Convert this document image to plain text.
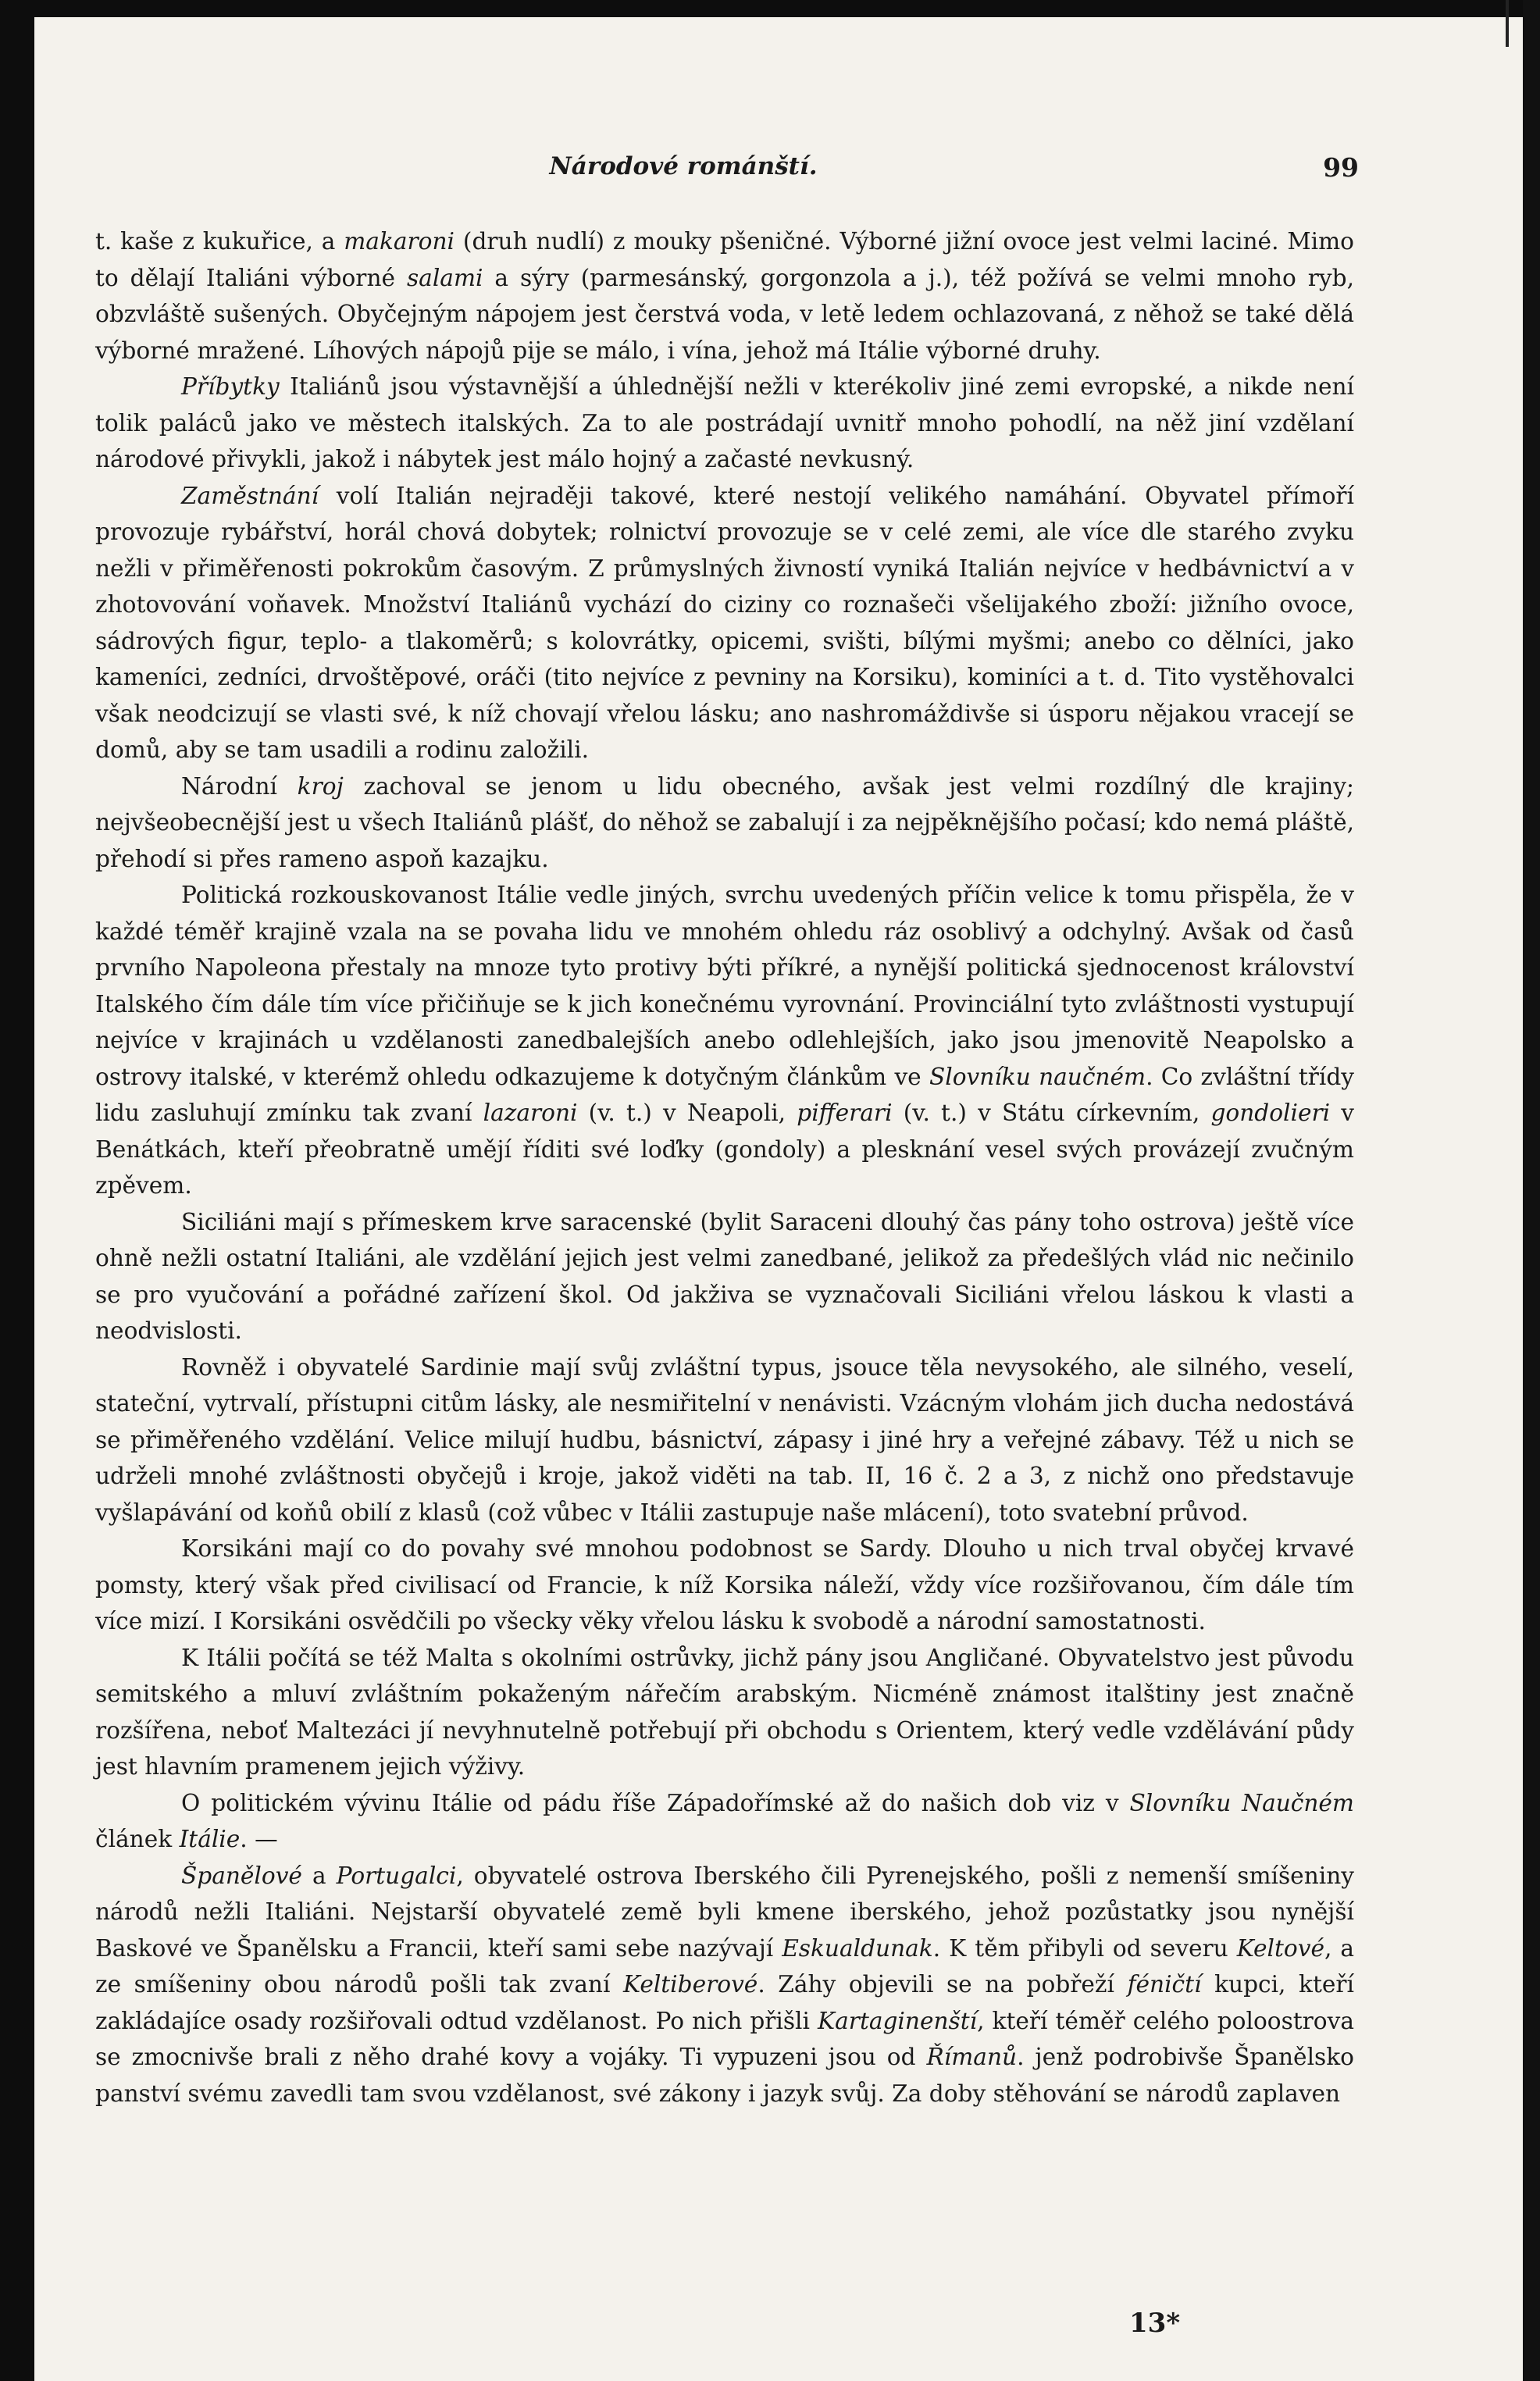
Národové románští.	99

t. kaše z kukuřice, a makaroni (druh nudlí) z mouky pšeničné. Výborné jižní ovoce jest velmi laciné. Mimo to dělají Italiáni výborné salami a sýry (parmesánský, gorgonzola a j.), též požívá se velmi mnoho ryb, obzvláště sušených. Obyčejným nápojem jest čerstvá voda, v letě ledem ochlazovaná, z něhož se také dělá výborné mražené. Líhových nápojů pije se málo, i vína, jehož má Itálie výborné druhy.

Příbytky Italiánů jsou výstavnější a úhlednější nežli v kterékoliv jiné zemi evropské, a nikde není tolik paláců jako ve městech italských. Za to ale postrádají uvnitř mnoho pohodlí, na něž jiní vzdělaní národové přivykli, jakož i nábytek jest málo hojný a začasté nevkusný.

Zaměstnání volí Italián nejraději takové, které nestojí velikého namáhání. Obyvatel přímoří provozuje rybářství, horál chová dobytek; rolnictví provozuje se v celé zemi, ale více dle starého zvyku nežli v přiměřenosti pokrokům časovým. Z průmyslných živností vyniká Italián nejvíce v hedbávnictví a v zhotovování voňavek. Množství Italiánů vychází do ciziny co roznašeči všelijakého zboží: jižního ovoce, sádrových figur, teplo- a tlakoměrů; s kolovrátky, opicemi, svišti, bílými myšmi; anebo co dělníci, jako kameníci, zedníci, drvoštěpové, oráči (tito nejvíce z pevniny na Korsiku), kominíci a t. d. Tito vystěhovalci však neodcizují se vlasti své, k níž chovají vřelou lásku; ano nashromáždivše si úsporu nějakou vracejí se domů, aby se tam usadili a rodinu založili.

Národní kroj zachoval se jenom u lidu obecného, avšak jest velmi rozdílný dle krajiny; nejvšeobecnější jest u všech Italiánů plášť, do něhož se zabalují i za nejpěknějšího počasí; kdo nemá pláště, přehodí si přes rameno aspoň kazajku.

Politická rozkouskovanost Itálie vedle jiných, svrchu uvedených příčin velice k tomu přispěla, že v každé téměř krajině vzala na se povaha lidu ve mnohém ohledu ráz osoblivý a odchylný. Avšak od časů prvního Napoleona přestaly na mnoze tyto protivy býti příkré, a nynější politická sjednocenost království Italského čím dále tím více přičiňuje se k jich konečnému vyrovnání. Provinciální tyto zvláštnosti vystupují nejvíce v krajinách u vzdělanosti zanedbalejších anebo odlehlejších, jako jsou jmenovitě Neapolsko a ostrovy italské, v kterémž ohledu odkazujeme k dotyčným článkům ve Slovníku naučném. Co zvláštní třídy lidu zasluhují zmínku tak zvaní lazaroni (v. t.) v Neapoli, pifferari (v. t.) v Státu církevním, gondolieri v Benátkách, kteří přeobratně umějí říditi své loďky (gondoly) a plesknání vesel svých provázejí zvučným zpěvem.

Siciliáni mají s přímeskem krve saracenské (bylit Saraceni dlouhý čas pány toho ostrova) ještě více ohně nežli ostatní Italiáni, ale vzdělání jejich jest velmi zanedbané, jelikož za předešlých vlád nic nečinilo se pro vyučování a pořádné zařízení škol. Od jakživa se vyznačovali Siciliáni vřelou láskou k vlasti a neodvislosti.

Rovněž i obyvatelé Sardinie mají svůj zvláštní typus, jsouce těla nevysokého, ale silného, veselí, stateční, vytrvalí, přístupni citům lásky, ale nesmiřitelní v nenávisti. Vzácným vlohám jich ducha nedostává se přiměřeného vzdělání. Velice milují hudbu, básnictví, zápasy i jiné hry a veřejné zábavy. Též u nich se udrželi mnohé zvláštnosti obyčejů i kroje, jakož viděti na tab. II, 16 č. 2 a 3, z nichž ono představuje vyšlapávání od koňů obilí z klasů (což vůbec v Itálii zastupuje naše mlácení), toto svatební průvod.

Korsikáni mají co do povahy své mnohou podobnost se Sardy. Dlouho u nich trval obyčej krvavé pomsty, který však před civilisací od Francie, k níž Korsika náleží, vždy více rozšiřovanou, čím dále tím více mizí. I Korsikáni osvědčili po všecky věky vřelou lásku k svobodě a národní samostatnosti.

K Itálii počítá se též Malta s okolními ostrůvky, jichž pány jsou Angličané. Obyvatelstvo jest původu semitského a mluví zvláštním pokaženým nářečím arabským. Nicméně známost italštiny jest značně rozšířena, neboť Maltezáci jí nevyhnutelně potřebují při obchodu s Orientem, který vedle vzdělávání půdy jest hlavním pramenem jejich výživy.

O politickém vývinu Itálie od pádu říše Západořímské až do našich dob viz v Slovníku Naučném článek Itálie. —

Španělové a Portugalci, obyvatelé ostrova Iberského čili Pyrenejského, pošli z nemenší smíšeniny národů nežli Italiáni. Nejstarší obyvatelé země byli kmene iberského, jehož pozůstatky jsou nynější Baskové ve Španělsku a Francii, kteří sami sebe nazývají Eskualdunak. K těm přibyli od severu Keltové, a ze smíšeniny obou národů pošli tak zvaní Keltiberové. Záhy objevili se na pobřeží féničtí kupci, kteří zakládajíce osady rozšiřovali odtud vzdělanost. Po nich přišli Kartaginenští, kteří téměř celého poloostrova se zmocnivše brali z něho drahé kovy a vojáky. Ti vypuzeni jsou od Římanů. jenž podrobivše Španělsko panství svému zavedli tam svou vzdělanost, své zákony i jazyk svůj. Za doby stěhování se národů zaplaven

13*
